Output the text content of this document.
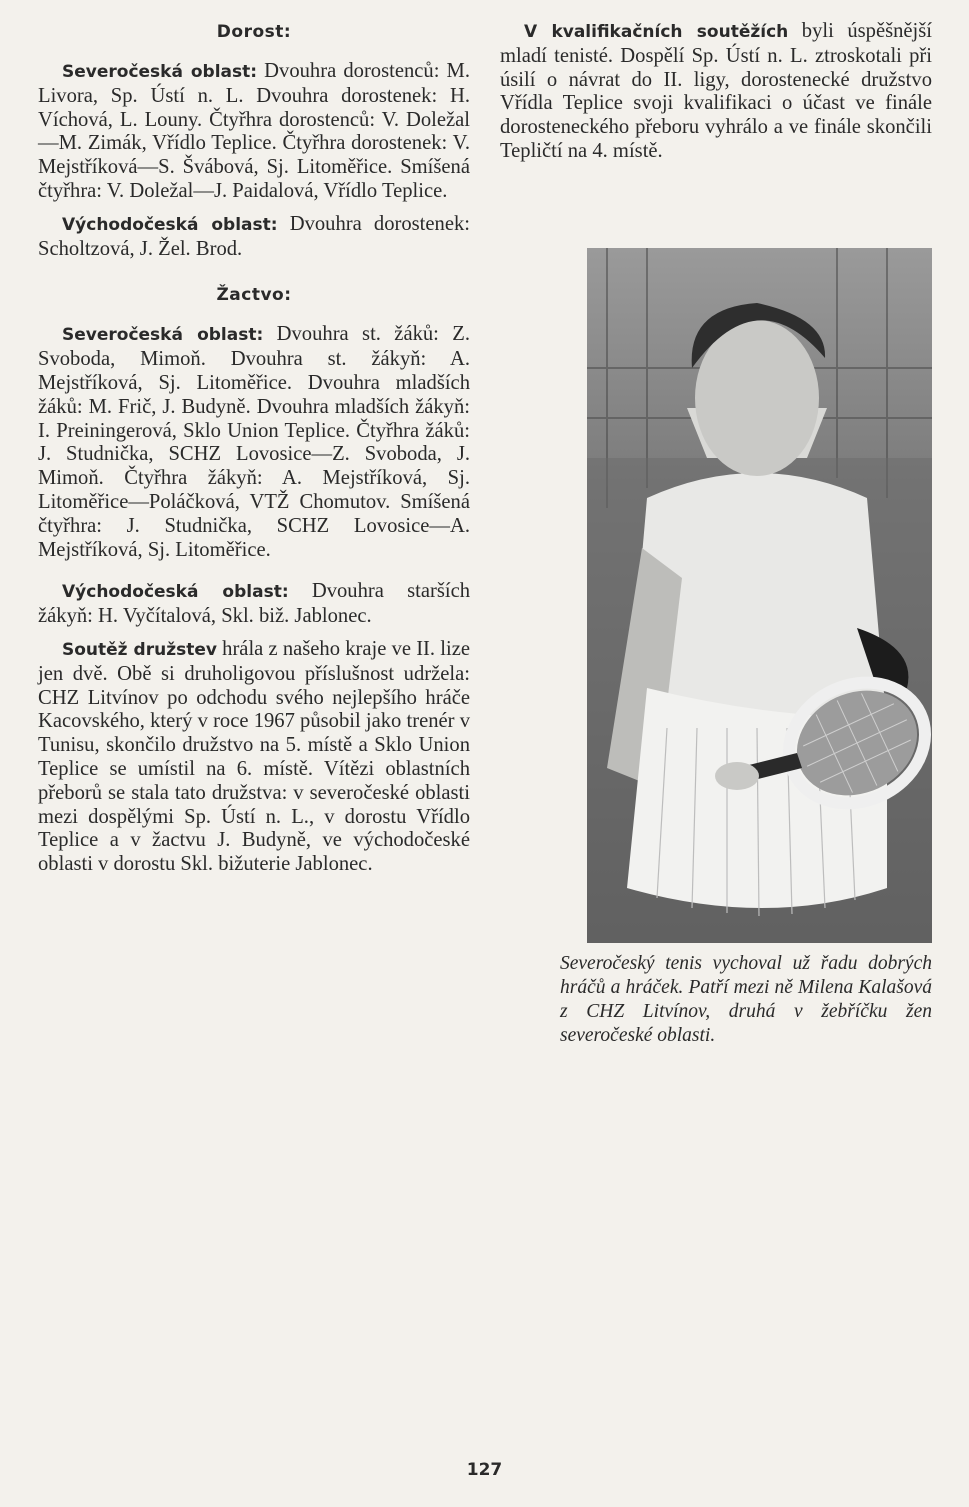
Dorost:

Severočeská oblast: Dvouhra dorostenců: M. Livora, Sp. Ústí n. L. Dvouhra dorostenek: H. Víchová, L. Louny. Čtyřhra dorostenců: V. Doležal—M. Zimák, Vřídlo Teplice. Čtyřhra dorostenek: V. Mejstříková—S. Švábová, Sj. Litoměřice. Smíšená čtyřhra: V. Doležal—J. Paidalová, Vřídlo Teplice.

Východočeská oblast: Dvouhra dorostenek: Scholtzová, J. Žel. Brod.

Žactvo:

Severočeská oblast: Dvouhra st. žáků: Z. Svoboda, Mimoň. Dvouhra st. žákyň: A. Mejstříková, Sj. Litoměřice. Dvouhra mladších žáků: M. Frič, J. Budyně. Dvouhra mladších žákyň: I. Preiningerová, Sklo Union Teplice. Čtyřhra žáků: J. Studnička, SCHZ Lovosice—Z. Svoboda, J. Mimoň. Čtyřhra žákyň: A. Mejstříková, Sj. Litoměřice—Poláčková, VTŽ Chomutov. Smíšená čtyřhra: J. Studnička, SCHZ Lovosice—A. Mejstříková, Sj. Litoměřice.

Východočeská oblast: Dvouhra starších žákyň: H. Vyčítalová, Skl. biž. Jablonec.

Soutěž družstev hrála z našeho kraje ve II. lize jen dvě. Obě si druholigovou příslušnost udržela: CHZ Litvínov po odchodu svého nejlepšího hráče Kacovského, který v roce 1967 působil jako trenér v Tunisu, skončilo družstvo na 5. místě a Sklo Union Teplice se umístil na 6. místě. Vítězi oblastních přeborů se stala tato družstva: v severočeské oblasti mezi dospělými Sp. Ústí n. L., v dorostu Vřídlo Teplice a v žactvu J. Budyně, ve východočeské oblasti v dorostu Skl. bižuterie Jablonec.

V kvalifikačních soutěžích byli úspěšnější mladí tenisté. Dospělí Sp. Ústí n. L. ztroskotali při úsilí o návrat do II. ligy, dorostenecké družstvo Vřídla Teplice svoji kvalifikaci o účast ve finále dorosteneckého přeboru vyhrálo a ve finále skončili Tepličtí na 4. místě.

Severočeský tenis vychoval už řadu dobrých hráčů a hráček. Patří mezi ně Milena Kalašová z CHZ Litvínov, druhá v žebříčku žen severočeské oblasti.
127
